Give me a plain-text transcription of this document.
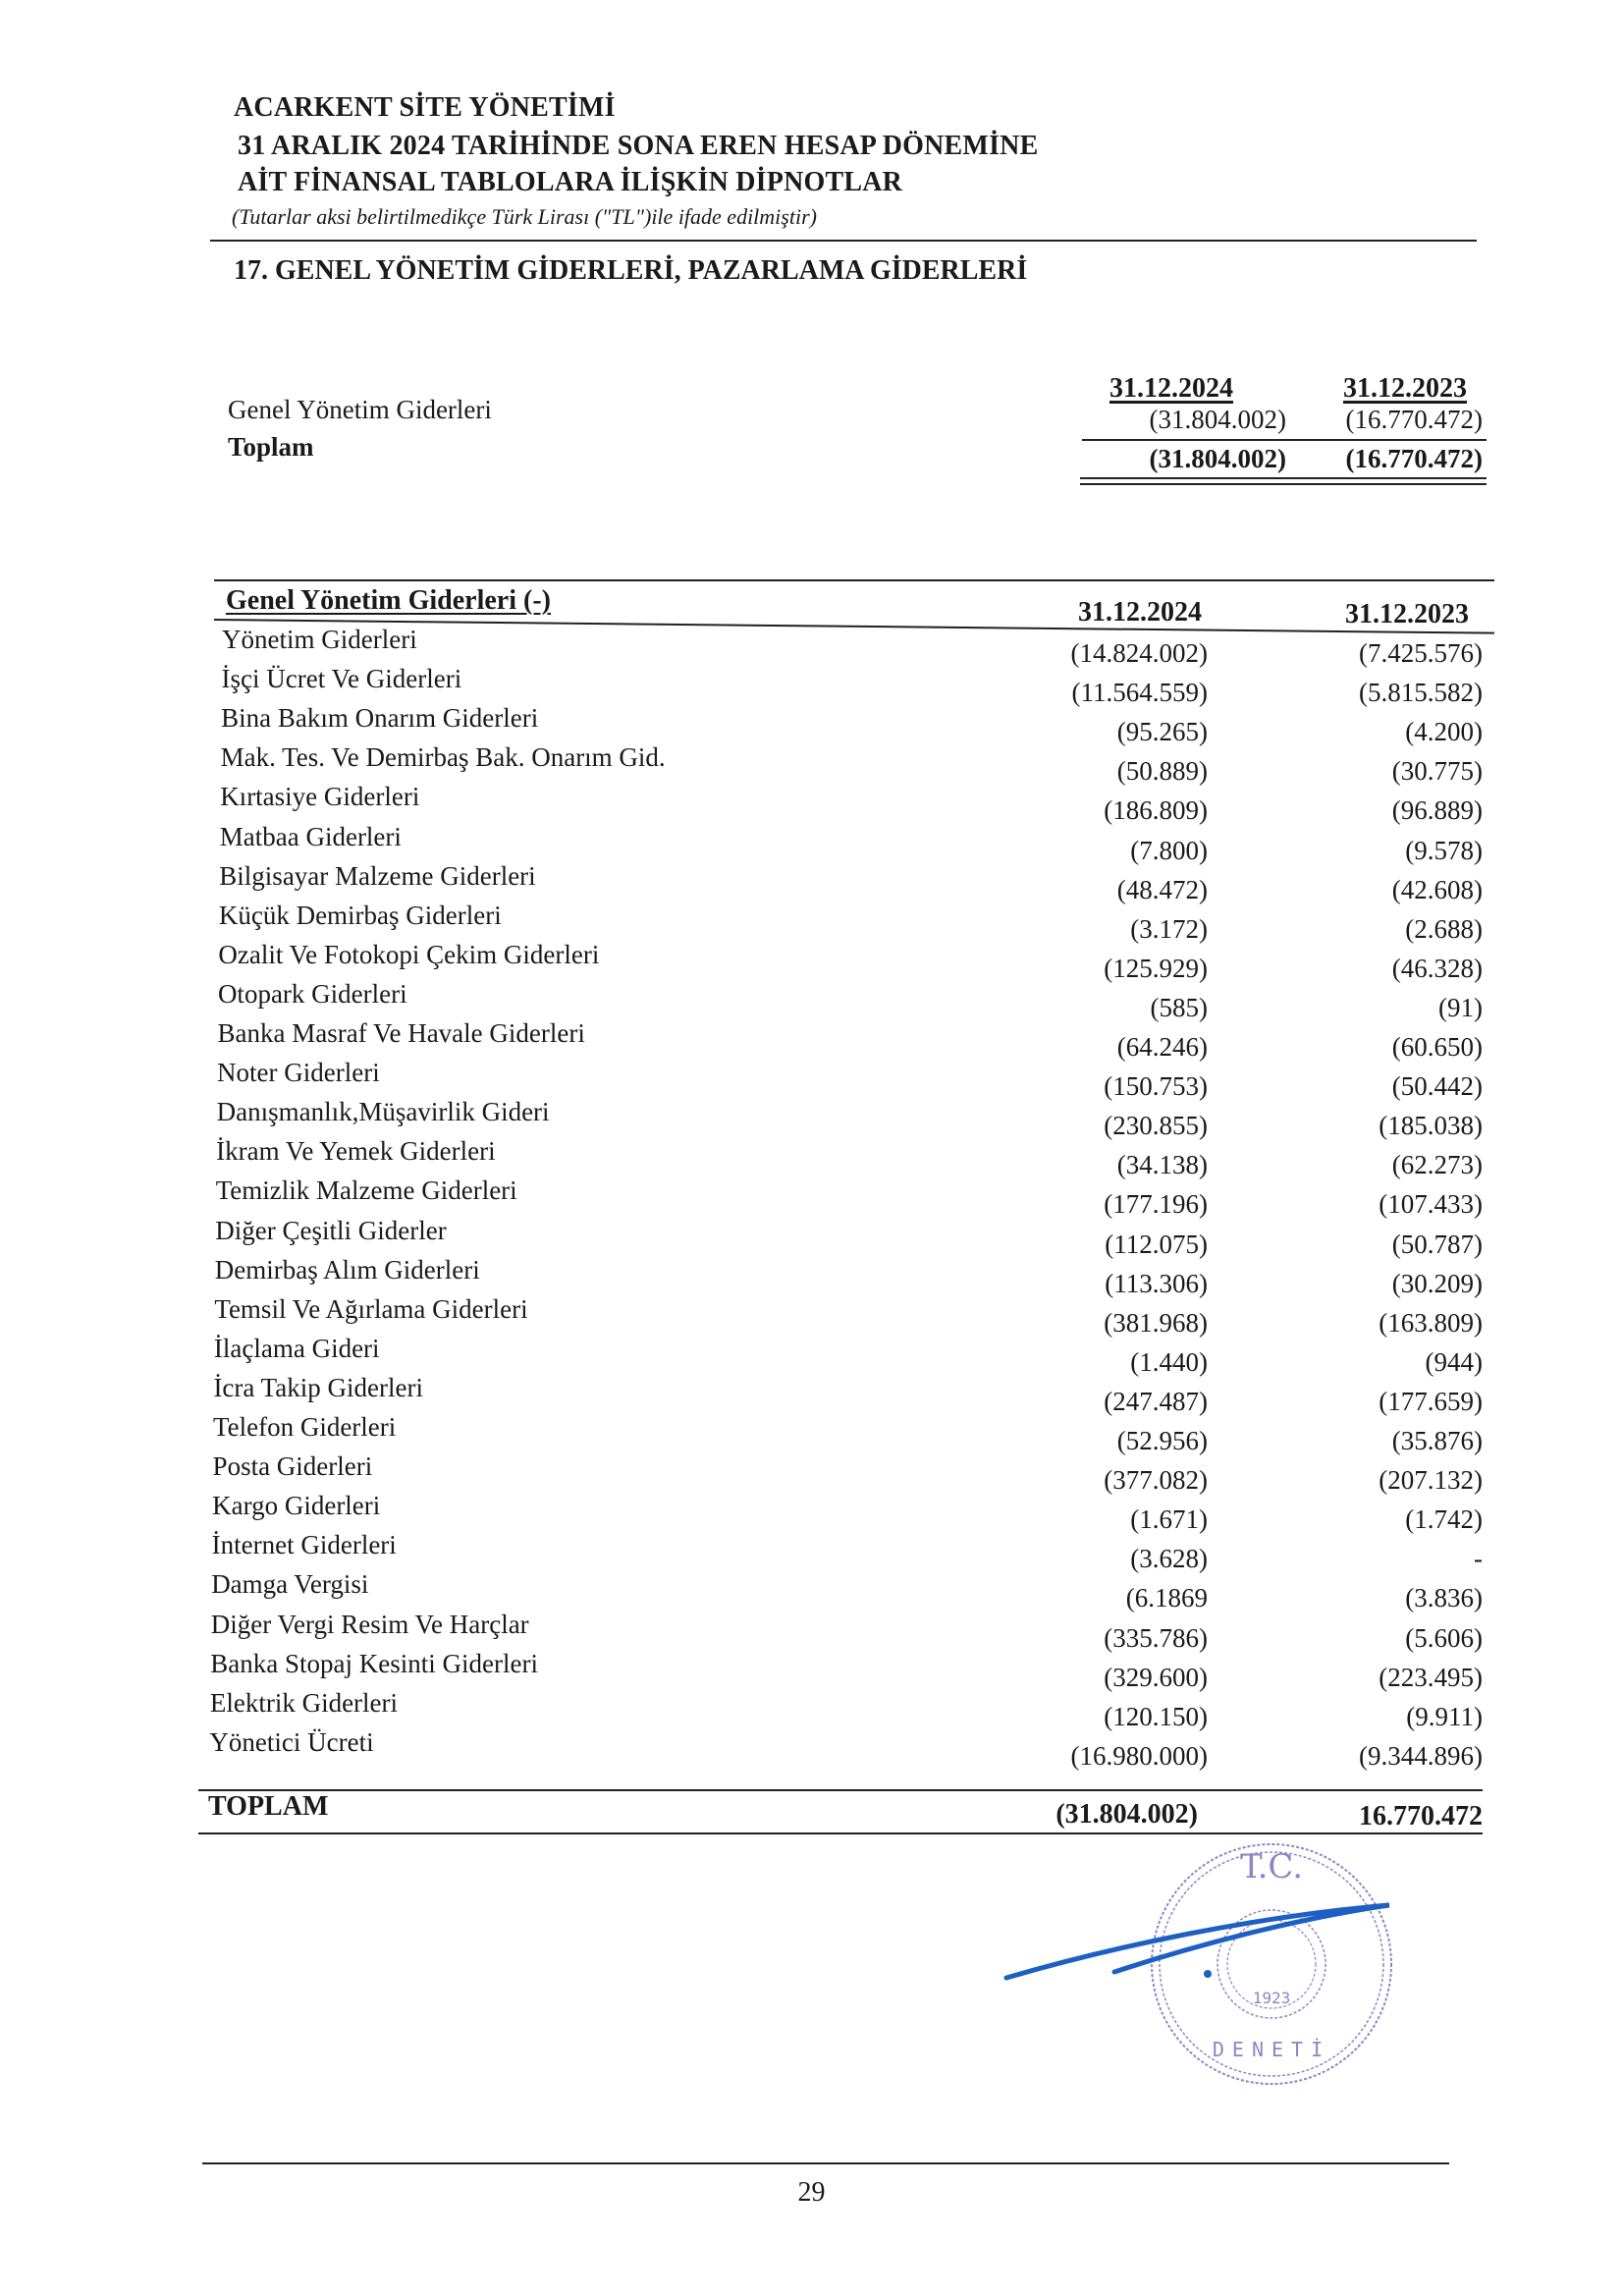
ACARKENT SİTE YÖNETİMİ
31 ARALIK 2024 TARİHİNDE SONA EREN HESAP DÖNEMİNE
AİT FİNANSAL TABLOLARA İLİŞKİN DİPNOTLAR
(Tutarlar aksi belirtilmedikçe Türk Lirası ("TL")ile ifade edilmiştir)
17. GENEL YÖNETİM GİDERLERİ, PAZARLAMA GİDERLERİ
31.12.2024	31.12.2023
Genel Yönetim Giderleri	(31.804.002)	(16.770.472)
Toplam	(31.804.002)	(16.770.472)
Genel Yönetim Giderleri (-)	31.12.2024	31.12.2023
Yönetim Giderleri	(14.824.002)	(7.425.576)
İşçi Ücret Ve Giderleri	(11.564.559)	(5.815.582)
Bina Bakım Onarım Giderleri	(95.265)	(4.200)
Mak. Tes. Ve Demirbaş Bak. Onarım Gid.	(50.889)	(30.775)
Kırtasiye Giderleri	(186.809)	(96.889)
Matbaa Giderleri	(7.800)	(9.578)
Bilgisayar Malzeme Giderleri	(48.472)	(42.608)
Küçük Demirbaş Giderleri	(3.172)	(2.688)
Ozalit Ve Fotokopi Çekim Giderleri	(125.929)	(46.328)
Otopark Giderleri	(585)	(91)
Banka Masraf Ve Havale Giderleri	(64.246)	(60.650)
Noter Giderleri	(150.753)	(50.442)
Danışmanlık,Müşavirlik Gideri	(230.855)	(185.038)
İkram Ve Yemek Giderleri	(34.138)	(62.273)
Temizlik Malzeme Giderleri	(177.196)	(107.433)
Diğer Çeşitli Giderler	(112.075)	(50.787)
Demirbaş Alım Giderleri	(113.306)	(30.209)
Temsil Ve Ağırlama Giderleri	(381.968)	(163.809)
İlaçlama Gideri	(1.440)	(944)
İcra Takip Giderleri	(247.487)	(177.659)
Telefon Giderleri	(52.956)	(35.876)
Posta Giderleri	(377.082)	(207.132)
Kargo Giderleri	(1.671)	(1.742)
İnternet Giderleri	(3.628)	-
Damga Vergisi	(6.1869	(3.836)
Diğer Vergi Resim Ve Harçlar	(335.786)	(5.606)
Banka Stopaj Kesinti Giderleri	(329.600)	(223.495)
Elektrik Giderleri	(120.150)	(9.911)
Yönetici Ücreti	(16.980.000)	(9.344.896)
TOPLAM	(31.804.002)	16.770.472
T.C.
1923
DENETİ
29
